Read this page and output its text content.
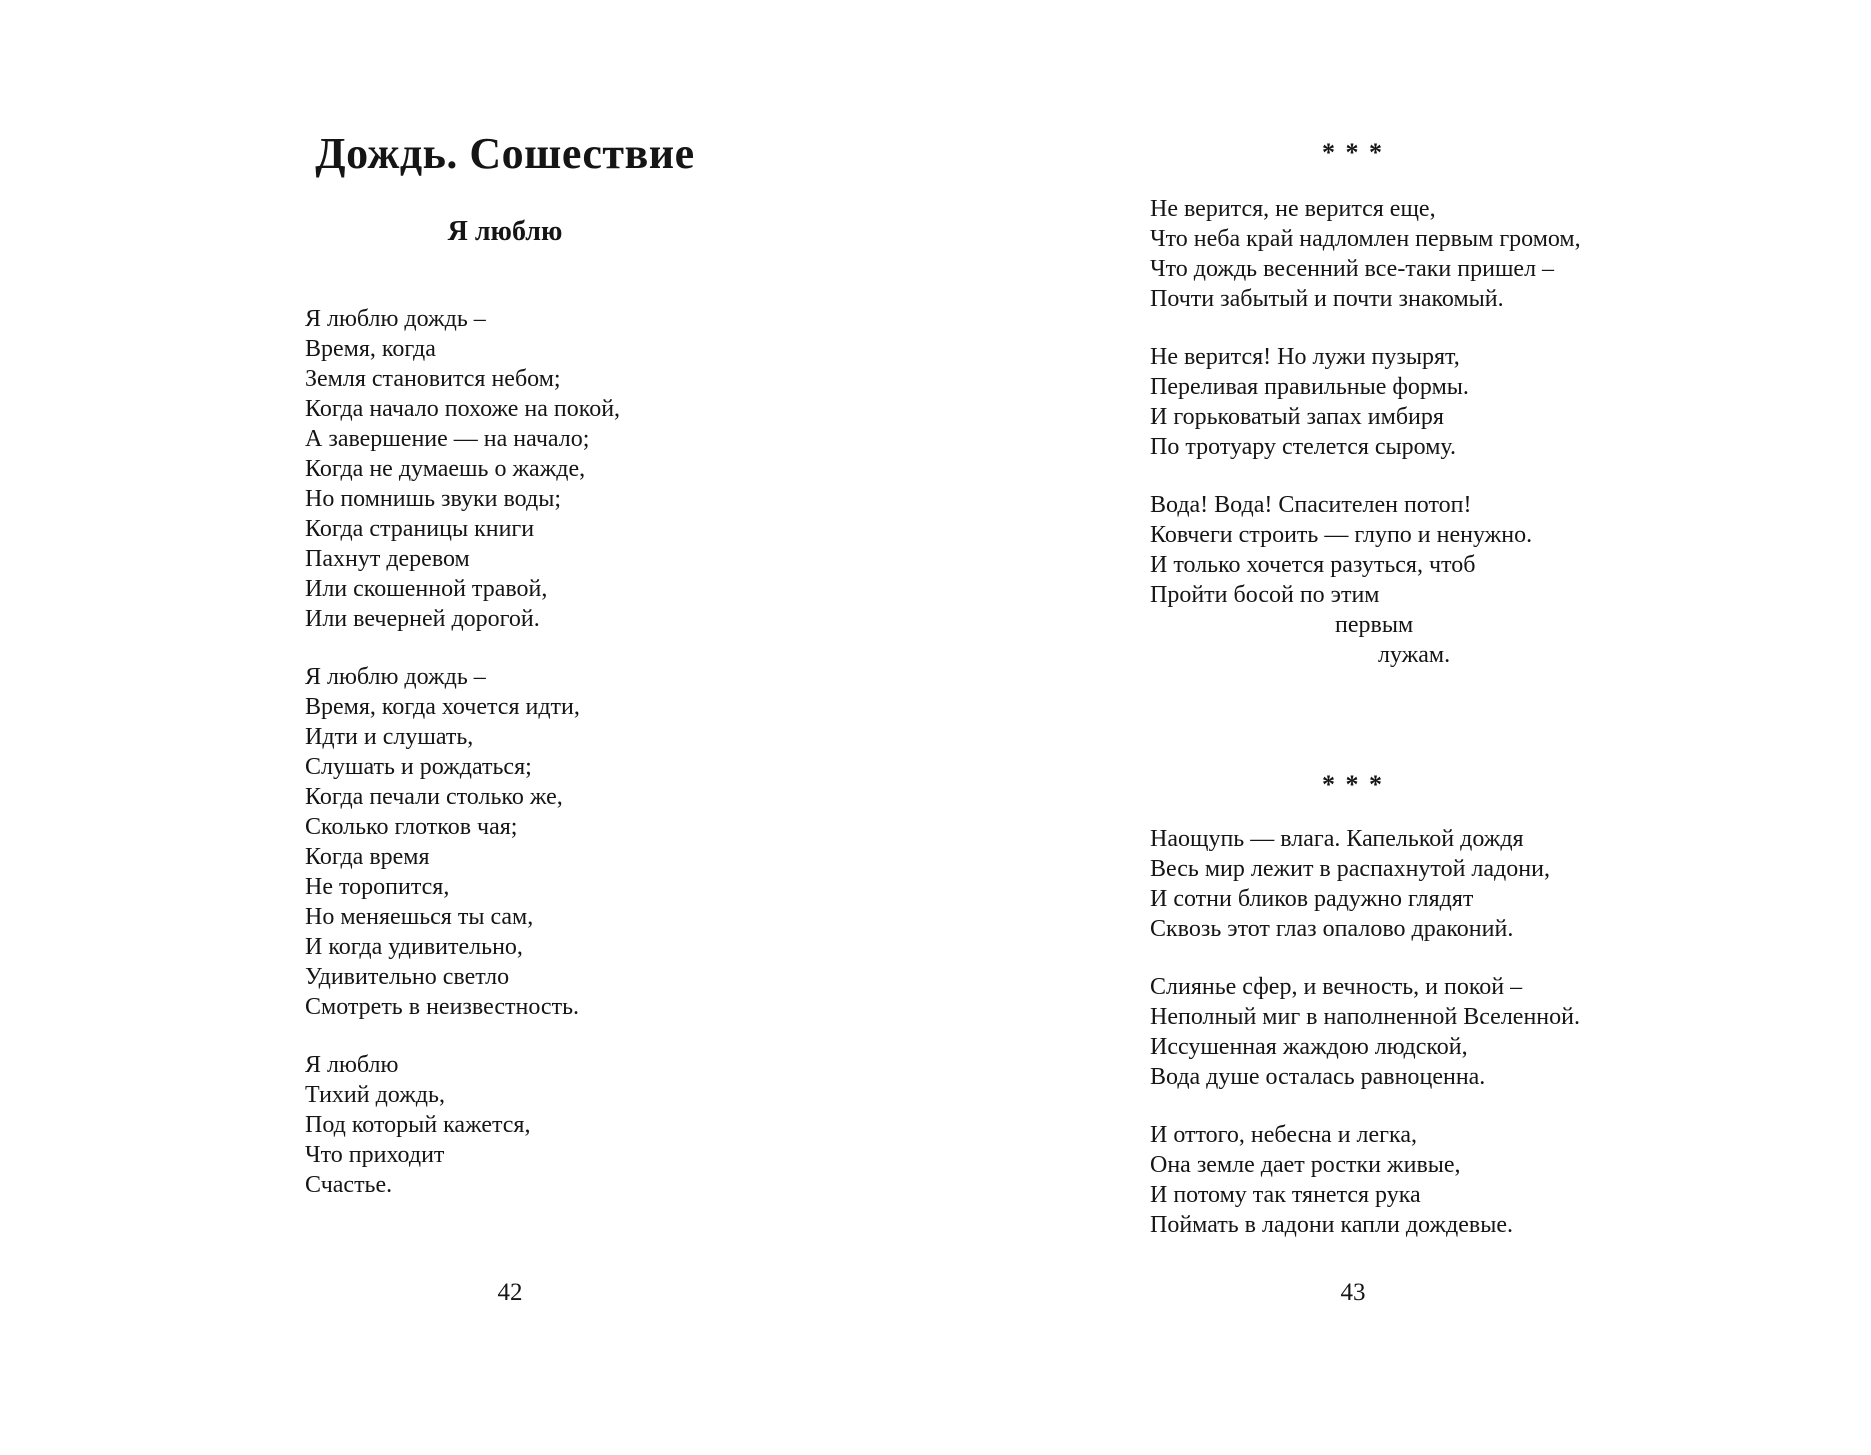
Дождь. Сошествие
Я люблю
Я люблю дождь –
Время, когда
Земля становится небом;
Когда начало похоже на покой,
А завершение — на начало;
Когда не думаешь о жажде,
Но помнишь звуки воды;
Когда страницы книги
Пахнут деревом
Или скошенной травой,
Или вечерней дорогой.
Я люблю дождь –
Время, когда хочется идти,
Идти и слушать,
Слушать и рождаться;
Когда печали столько же,
Сколько глотков чая;
Когда время
Не торопится,
Но меняешься ты сам,
И когда удивительно,
Удивительно светло
Смотреть в неизвестность.
Я люблю
Тихий дождь,
Под который кажется,
Что приходит
Счастье.
42
* * *
Не верится, не верится еще,
Что неба край надломлен первым громом,
Что дождь весенний все-таки пришел –
Почти забытый и почти знакомый.
Не верится! Но лужи пузырят,
Переливая правильные формы.
И горьковатый запах имбиря
По тротуару стелется сырому.
Вода! Вода! Спасителен потоп!
Ковчеги строить — глупо и ненужно.
И только хочется разуться, чтоб
Пройти босой по этим
первым
лужам.
* * *
Наощупь — влага. Капелькой дождя
Весь мир лежит в распахнутой ладони,
И сотни бликов радужно глядят
Сквозь этот глаз опалово драконий.
Слиянье сфер, и вечность, и покой –
Неполный миг в наполненной Вселенной.
Иссушенная жаждою людской,
Вода душе осталась равноценна.
И оттого, небесна и легка,
Она земле дает ростки живые,
И потому так тянется рука
Поймать в ладони капли дождевые.
43
